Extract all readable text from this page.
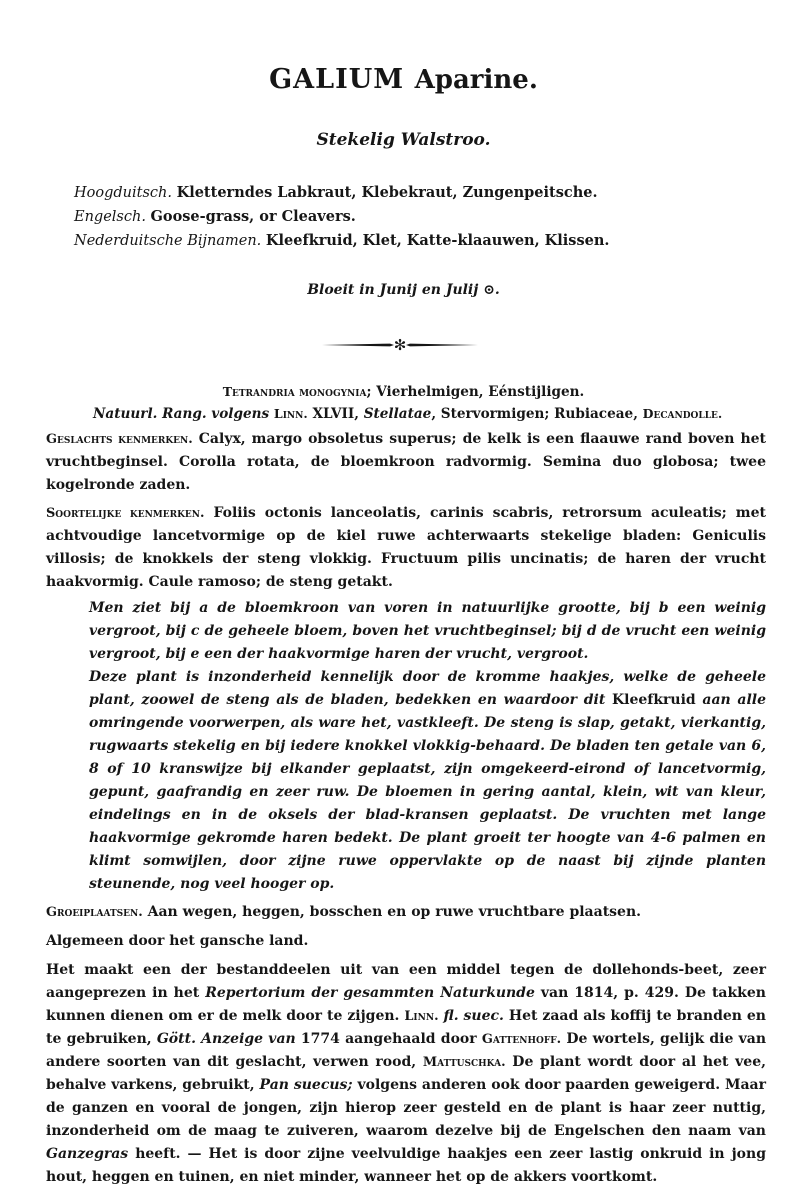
GALIUM Aparine.
Stekelig Walstroo.
Hoogduitsch. Kletterndes Labkraut, Klebekraut, Zungenpeitsche.
Engelsch. Goose-grass, or Cleavers.
Nederduitsche Bijnamen. Kleefkruid, Klet, Katte-klaauwen, Klissen.
Bloeit in Junij en Julij ⊙.
✻
Tetrandria monogynia; Vierhelmigen, Eénstijligen.
Natuurl. Rang. volgens Linn. XLVII, Stellatae, Stervormigen; Rubiaceae, Decandolle.

Geslachts kenmerken. Calyx, margo obsoletus superus; de kelk is een flaauwe rand boven het vruchtbeginsel. Corolla rotata, de bloemkroon radvormig. Semina duo globosa; twee kogelronde zaden.

Soortelijke kenmerken. Foliis octonis lanceolatis, carinis scabris, retrorsum aculeatis; met achtvoudige lancetvormige op de kiel ruwe achterwaarts stekelige bladen: Geniculis villosis; de knokkels der steng vlokkig. Fructuum pilis uncinatis; de haren der vrucht haakvormig. Caule ramoso; de steng getakt.

Men ziet bij a de bloemkroon van voren in natuurlijke grootte, bij b een weinig vergroot, bij c de geheele bloem, boven het vruchtbeginsel; bij d de vrucht een weinig vergroot, bij e een der haakvormige haren der vrucht, vergroot.

Deze plant is inzonderheid kennelijk door de kromme haakjes, welke de geheele plant, zoowel de steng als de bladen, bedekken en waardoor dit Kleefkruid aan alle omringende voorwerpen, als ware het, vastkleeft. De steng is slap, getakt, vierkantig, rugwaarts stekelig en bij iedere knokkel vlokkig-behaard. De bladen ten getale van 6, 8 of 10 kranswijze bij elkander geplaatst, zijn omgekeerd-eirond of lancetvormig, gepunt, gaafrandig en zeer ruw. De bloemen in gering aantal, klein, wit van kleur, eindelings en in de oksels der blad-kransen geplaatst. De vruchten met lange haakvormige gekromde haren bedekt. De plant groeit ter hoogte van 4-6 palmen en klimt somwijlen, door zijne ruwe oppervlakte op de naast bij zijnde planten steunende, nog veel hooger op.

Groeiplaatsen. Aan wegen, heggen, bosschen en op ruwe vruchtbare plaatsen.

Algemeen door het gansche land.

Het maakt een der bestanddeelen uit van een middel tegen de dollehonds-beet, zeer aangeprezen in het Repertorium der gesammten Naturkunde van 1814, p. 429. De takken kunnen dienen om er de melk door te zijgen. Linn. fl. suec. Het zaad als koffij te branden en te gebruiken, Gött. Anzeige van 1774 aangehaald door Gattenhoff. De wortels, gelijk die van andere soorten van dit geslacht, verwen rood, Mattuschka. De plant wordt door al het vee, behalve varkens, gebruikt, Pan suecus; volgens anderen ook door paarden geweigerd. Maar de ganzen en vooral de jongen, zijn hierop zeer gesteld en de plant is haar zeer nuttig, inzonderheid om de maag te zuiveren, waarom dezelve bij de Engelschen den naam van Ganzegras heeft. — Het is door zijne veelvuldige haakjes een zeer lastig onkruid in jong hout, heggen en tuinen, en niet minder, wanneer het op de akkers voortkomt.
